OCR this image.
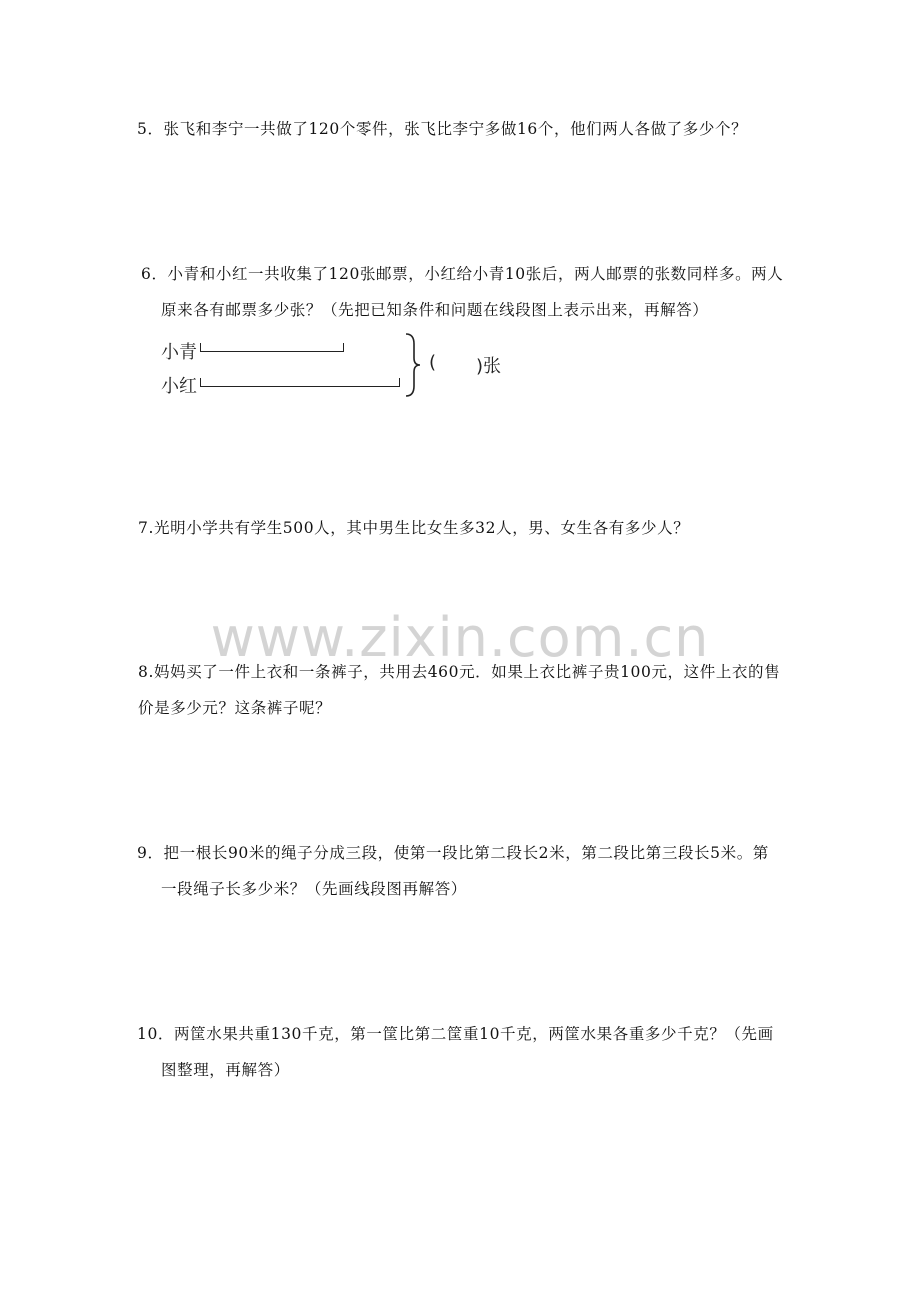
5．张飞和李宁一共做了120个零件，张飞比李宁多做16个，他们两人各做了多少个？
6．小青和小红一共收集了120张邮票，小红给小青10张后，两人邮票的张数同样多。两人
原来各有邮票多少张？（先把已知条件和问题在线段图上表示出来，再解答）
小青
小红
( )张
7.光明小学共有学生500人，其中男生比女生多32人，男、女生各有多少人？
www.zixin.com.cn
8.妈妈买了一件上衣和一条裤子，共用去460元．如果上衣比裤子贵100元，这件上衣的售
价是多少元？这条裤子呢？
9．把一根长90米的绳子分成三段，使第一段比第二段长2米，第二段比第三段长5米。第
一段绳子长多少米？（先画线段图再解答）
10．两筐水果共重130千克，第一筐比第二筐重10千克，两筐水果各重多少千克？（先画
图整理，再解答）
